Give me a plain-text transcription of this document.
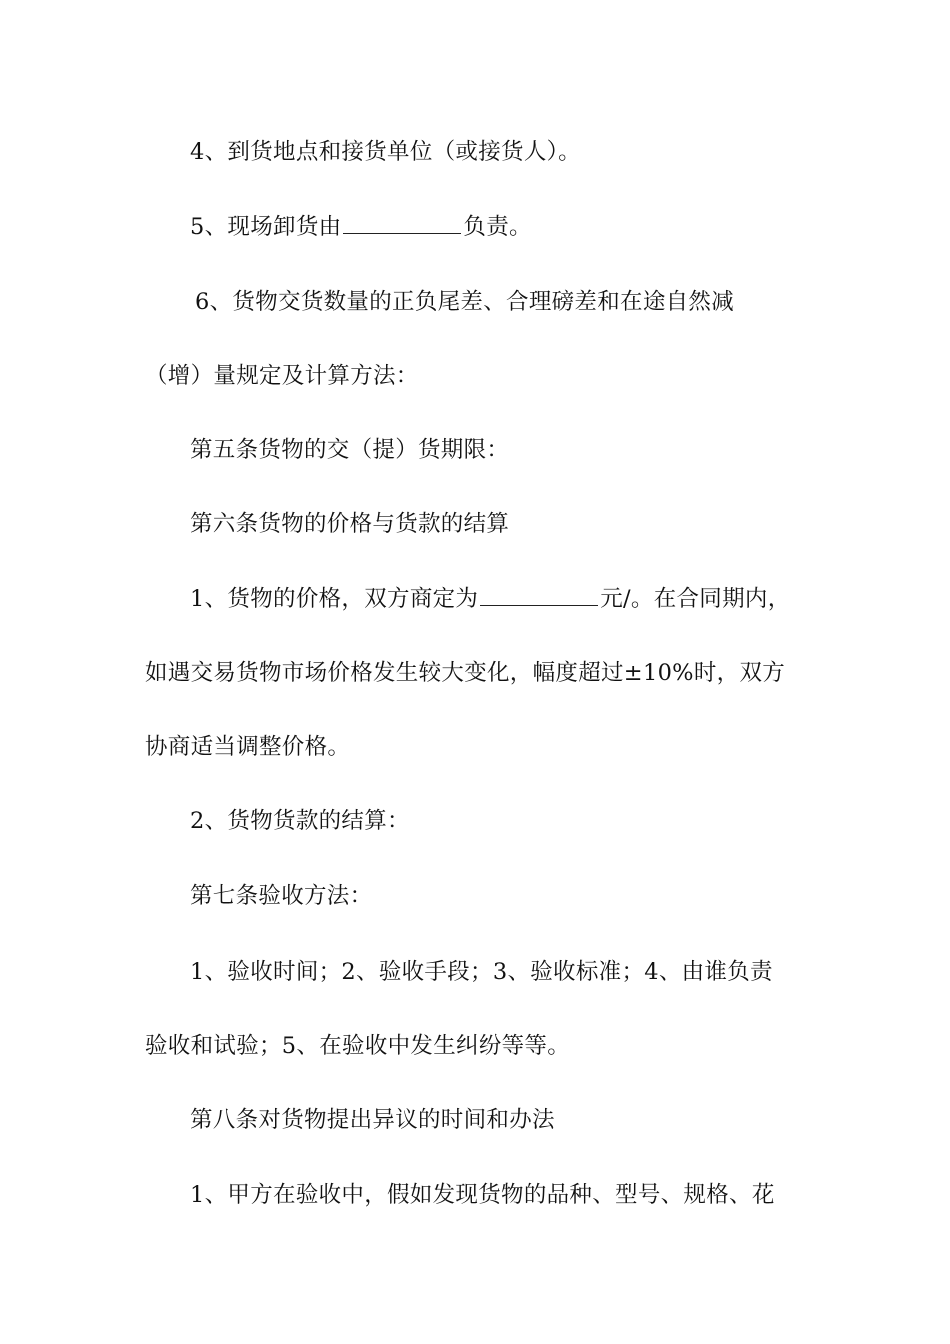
4、到货地点和接货单位（或接货人）。
5、现场卸货由	负责。
6、货物交货数量的正负尾差、合理磅差和在途自然减
（增）量规定及计算方法：
第五条货物的交（提）货期限：
第六条货物的价格与货款的结算
1、货物的价格，双方商定为	元/。在合同期内，
如遇交易货物市场价格发生较大变化，幅度超过±10%时，双方
协商适当调整价格。
2、货物货款的结算：
第七条验收方法：
1、验收时间；2、验收手段；3、验收标准；4、由谁负责
验收和试验；5、在验收中发生纠纷等等。
第八条对货物提出异议的时间和办法
1、甲方在验收中，假如发现货物的品种、型号、规格、花
